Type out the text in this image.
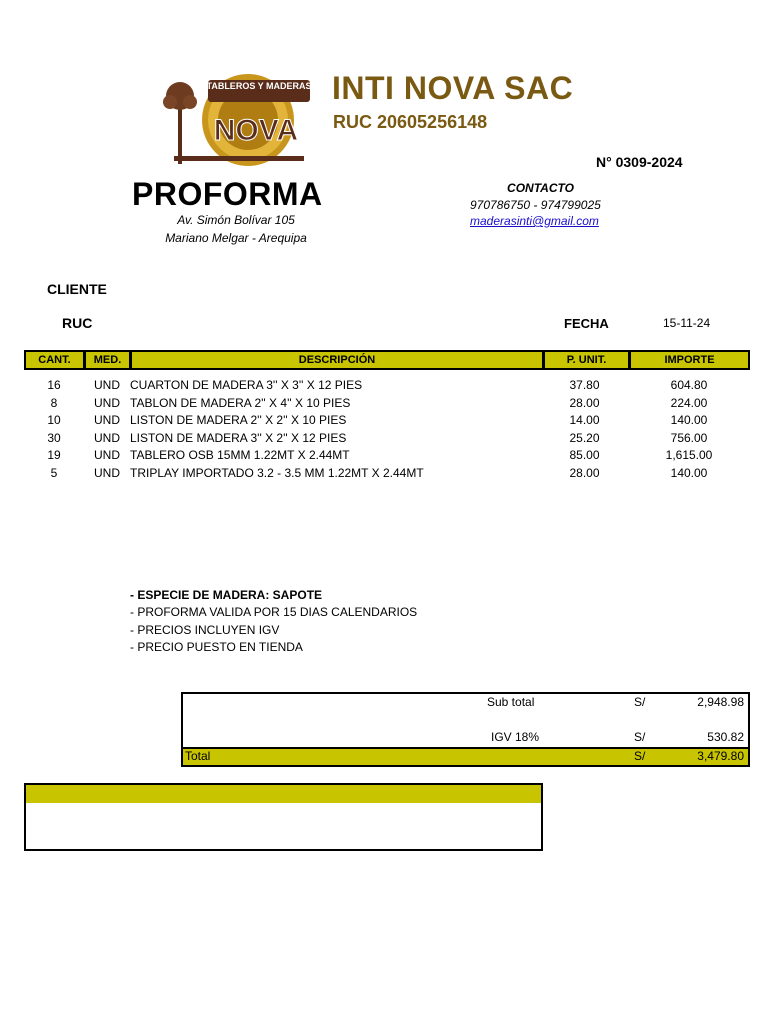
TABLEROS Y MADERAS
NOVA
INTI NOVA SAC
RUC 20605256148
N° 0309-2024
PROFORMA
Av. Simón Bolívar 105
Mariano Melgar - Arequipa
CONTACTO
970786750 - 974799025
maderasinti@gmail.com
CLIENTE
RUC	FECHA	15-11-24
CANT.	MED.	DESCRIPCIÓN	P. UNIT.	IMPORTE
16	UND CUARTON DE MADERA 3'' X 3'' X 12 PIES	37.80	604.80
8	UND TABLON DE MADERA 2'' X 4'' X 10 PIES	28.00	224.00
10	UND LISTON DE MADERA 2'' X 2'' X 10 PIES	14.00	140.00
30	UND LISTON DE MADERA 3'' X 2'' X 12 PIES	25.20	756.00
19	UND TABLERO OSB 15MM 1.22MT X 2.44MT	85.00	1,615.00
5	UND TRIPLAY IMPORTADO 3.2 - 3.5 MM 1.22MT X 2.44MT	28.00	140.00
- ESPECIE DE MADERA: SAPOTE
- PROFORMA VALIDA POR 15 DIAS CALENDARIOS
- PRECIOS INCLUYEN IGV
- PRECIO PUESTO EN TIENDA
Sub total	S/	2,948.98
IGV 18%	S/	530.82
Total	S/	3,479.80
